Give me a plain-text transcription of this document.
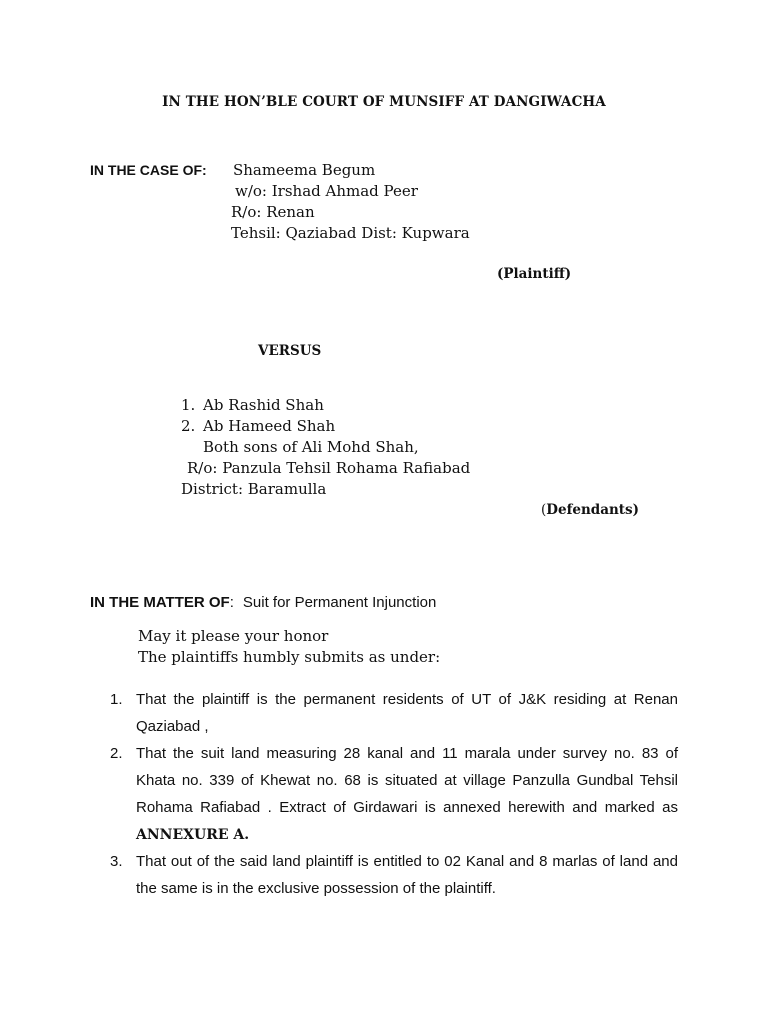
IN THE HON’BLE COURT OF MUNSIFF AT DANGIWACHA
IN THE CASE OF: Shameema Begum
w/o: Irshad Ahmad Peer
R/o: Renan
Tehsil: Qaziabad Dist: Kupwara
(Plaintiff)
VERSUS
1. Ab Rashid Shah
2. Ab Hameed Shah
Both sons of Ali Mohd Shah,
R/o: Panzula Tehsil Rohama Rafiabad
District: Baramulla
(Defendants)
IN THE MATTER OF: Suit for Permanent Injunction
May it please your honor
The plaintiffs humbly submits as under:
1. That the plaintiff is the permanent residents of UT of J&K residing at Renan Qaziabad ,
2. That the suit land measuring 28 kanal and 11 marala under survey no. 83 of Khata no. 339 of Khewat no. 68 is situated at village Panzulla Gundbal Tehsil Rohama Rafiabad . Extract of Girdawari is annexed herewith and marked as ANNEXURE A.
3. That out of the said land plaintiff is entitled to 02 Kanal and 8 marlas of land and the same is in the exclusive possession of the plaintiff.
